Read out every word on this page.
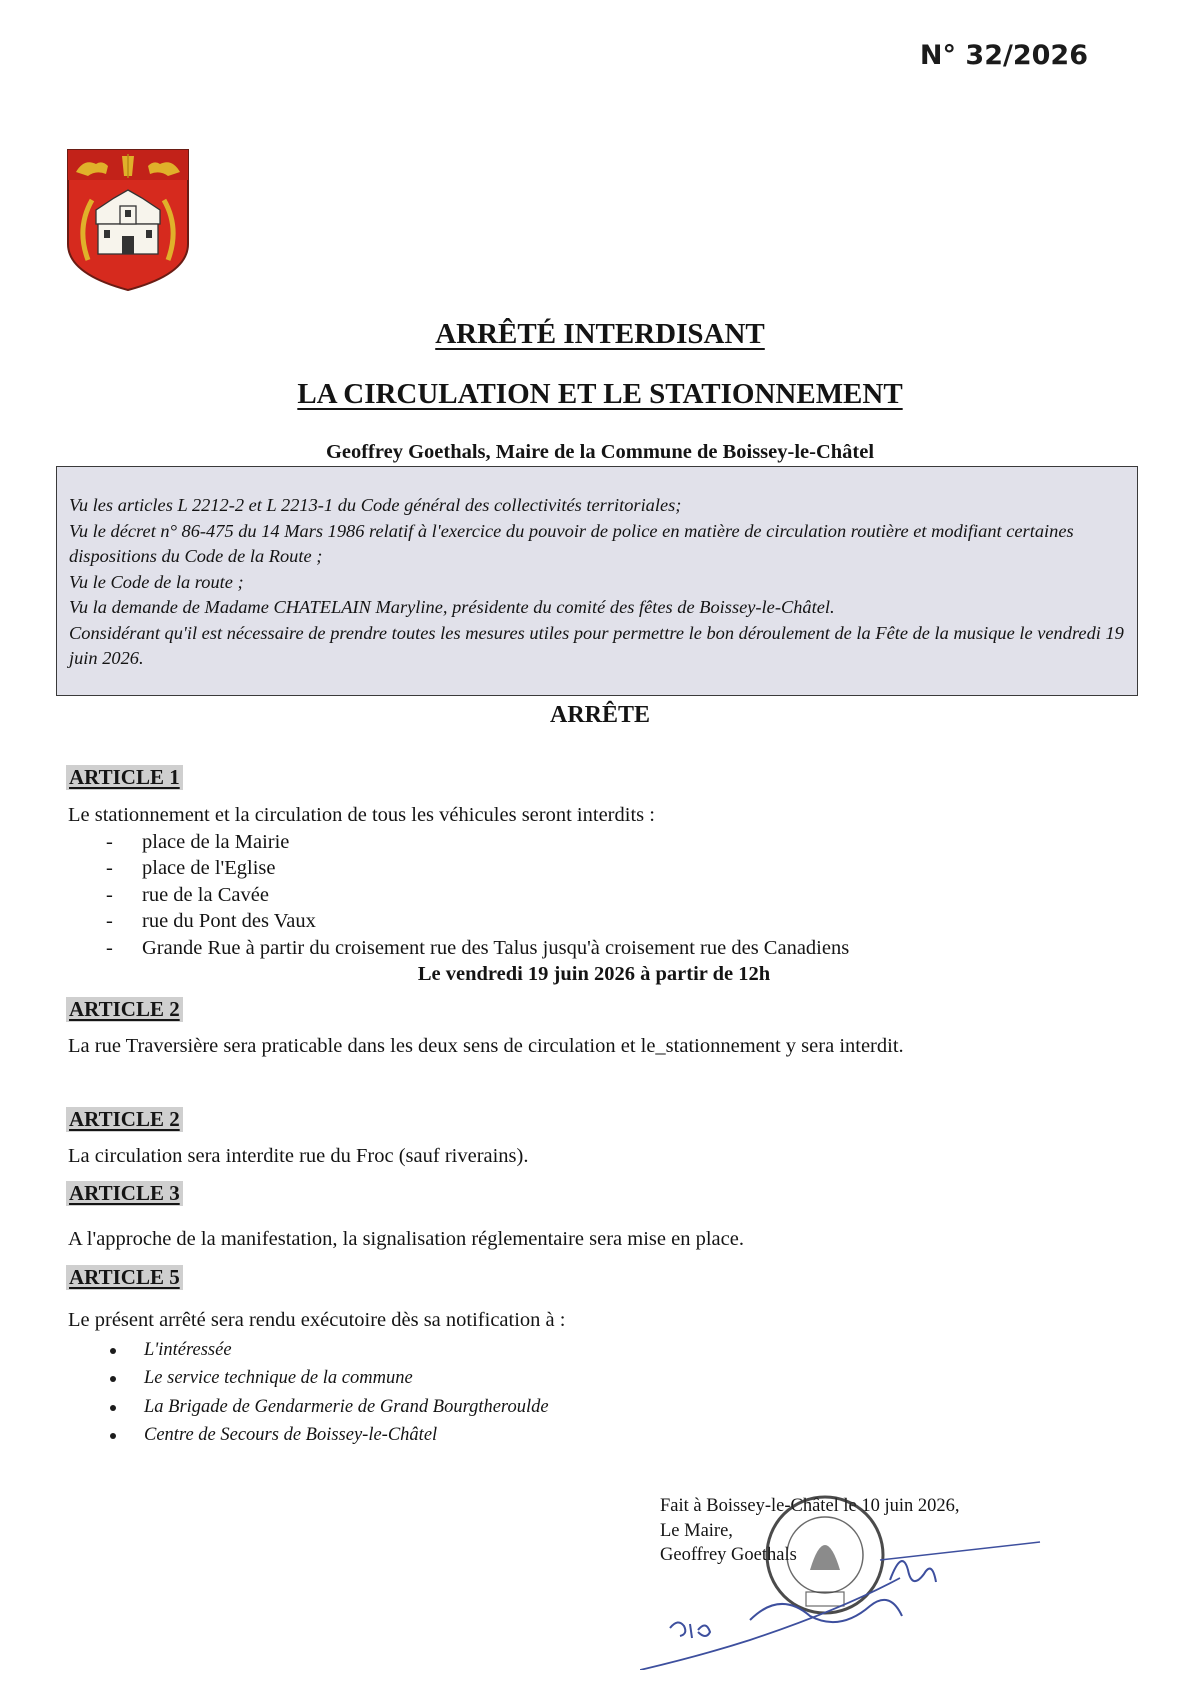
N° 32/2026
ARRÊTÉ INTERDISANT
LA CIRCULATION ET LE STATIONNEMENT
Geoffrey Goethals, Maire de la Commune de Boissey-le-Châtel

Vu les articles L 2212-2 et L 2213-1 du Code général des collectivités territoriales;

Vu le décret n° 86-475 du 14 Mars 1986 relatif à l'exercice du pouvoir de police en matière de circulation routière et modifiant certaines dispositions du Code de la Route ;

Vu le Code de la route ;

Vu la demande de Madame CHATELAIN Maryline, présidente du comité des fêtes de Boissey-le-Châtel.

Considérant qu'il est nécessaire de prendre toutes les mesures utiles pour permettre le bon déroulement de la Fête de la musique le vendredi 19 juin 2026.

ARRÊTE
ARTICLE 1

Le stationnement et la circulation de tous les véhicules seront interdits :

- place de la Mairie
- place de l'Eglise
- rue de la Cavée
- rue du Pont des Vaux
- Grande Rue à partir du croisement rue des Talus jusqu'à croisement rue des Canadiens

Le vendredi 19 juin 2026 à partir de 12h

ARTICLE 2
La rue Traversière sera praticable dans les deux sens de circulation et le_stationnement y sera interdit.
ARTICLE 2
La circulation sera interdite rue du Froc (sauf riverains).
ARTICLE 3
A l'approche de la manifestation, la signalisation réglementaire sera mise en place.
ARTICLE 5

Le présent arrêté sera rendu exécutoire dès sa notification à :

L'intéressée
Le service technique de la commune
La Brigade de Gendarmerie de Grand Bourgtheroulde
Centre de Secours de Boissey-le-Châtel

Fait à Boissey-le-Châtel le 10 juin 2026,

Le Maire,

Geoffrey Goethals
